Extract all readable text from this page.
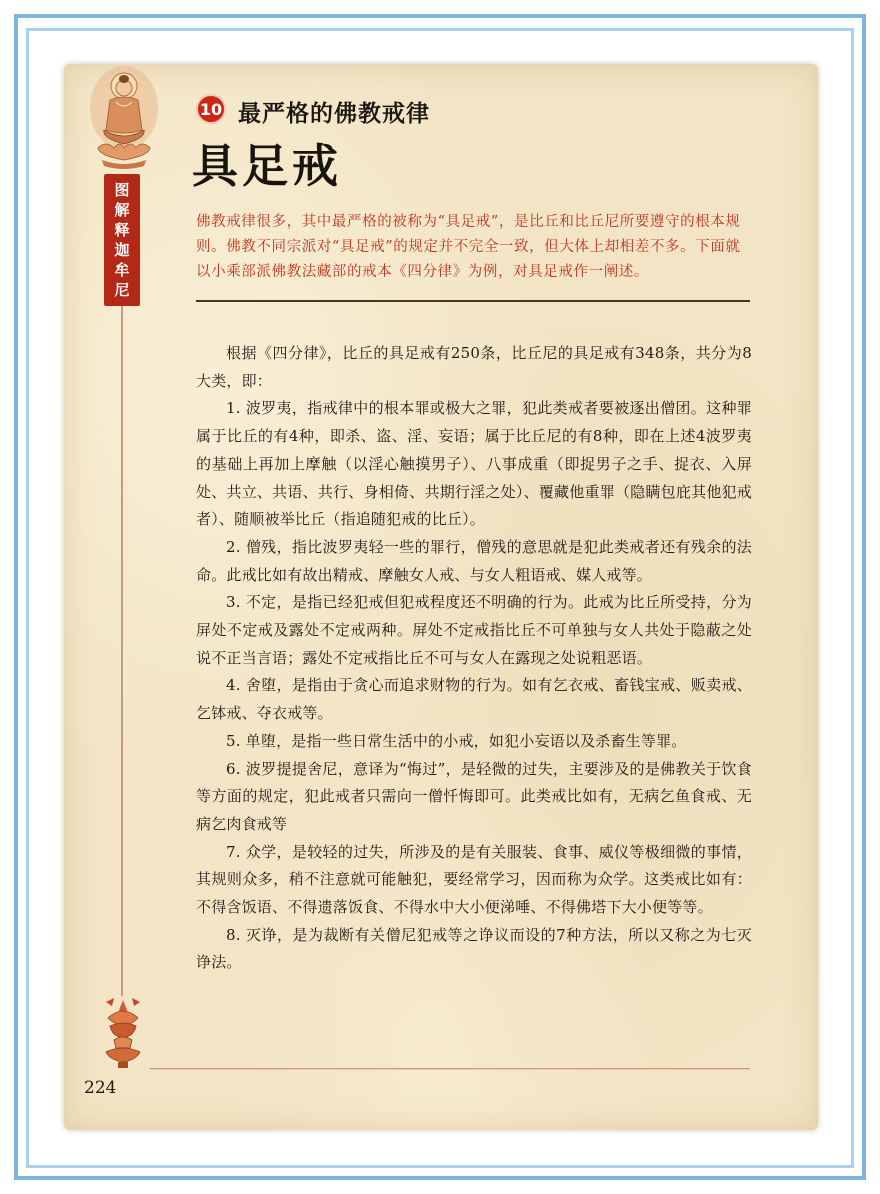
图
解
释
迦
牟
尼
10 最严格的佛教戒律
具足戒
佛教戒律很多，其中最严格的被称为“具足戒”，是比丘和比丘尼所要遵守的根本规则。佛教不同宗派对“具足戒”的规定并不完全一致，但大体上却相差不多。下面就以小乘部派佛教法藏部的戒本《四分律》为例，对具足戒作一阐述。

根据《四分律》，比丘的具足戒有250条，比丘尼的具足戒有348条，共分为8大类，即：

1. 波罗夷，指戒律中的根本罪或极大之罪，犯此类戒者要被逐出僧团。这种罪属于比丘的有4种，即杀、盗、淫、妄语；属于比丘尼的有8种，即在上述4波罗夷的基础上再加上摩触（以淫心触摸男子）、八事成重（即捉男子之手、捉衣、入屏处、共立、共语、共行、身相倚、共期行淫之处）、覆藏他重罪（隐瞒包庇其他犯戒者）、随顺被举比丘（指追随犯戒的比丘）。

2. 僧残，指比波罗夷轻一些的罪行，僧残的意思就是犯此类戒者还有残余的法命。此戒比如有故出精戒、摩触女人戒、与女人粗语戒、媒人戒等。

3. 不定，是指已经犯戒但犯戒程度还不明确的行为。此戒为比丘所受持，分为屏处不定戒及露处不定戒两种。屏处不定戒指比丘不可单独与女人共处于隐蔽之处说不正当言语；露处不定戒指比丘不可与女人在露现之处说粗恶语。

4. 舍堕，是指由于贪心而追求财物的行为。如有乞衣戒、畜钱宝戒、贩卖戒、乞钵戒、夺衣戒等。

5. 单堕，是指一些日常生活中的小戒，如犯小妄语以及杀畜生等罪。

6. 波罗提提舍尼，意译为“悔过”，是轻微的过失，主要涉及的是佛教关于饮食等方面的规定，犯此戒者只需向一僧忏悔即可。此类戒比如有，无病乞鱼食戒、无病乞肉食戒等

7. 众学，是较轻的过失，所涉及的是有关服装、食事、威仪等极细微的事情，其规则众多，稍不注意就可能触犯，要经常学习，因而称为众学。这类戒比如有：不得含饭语、不得遗落饭食、不得水中大小便涕唾、不得佛塔下大小便等等。

8. 灭诤，是为裁断有关僧尼犯戒等之诤议而设的7种方法，所以又称之为七灭诤法。

224
